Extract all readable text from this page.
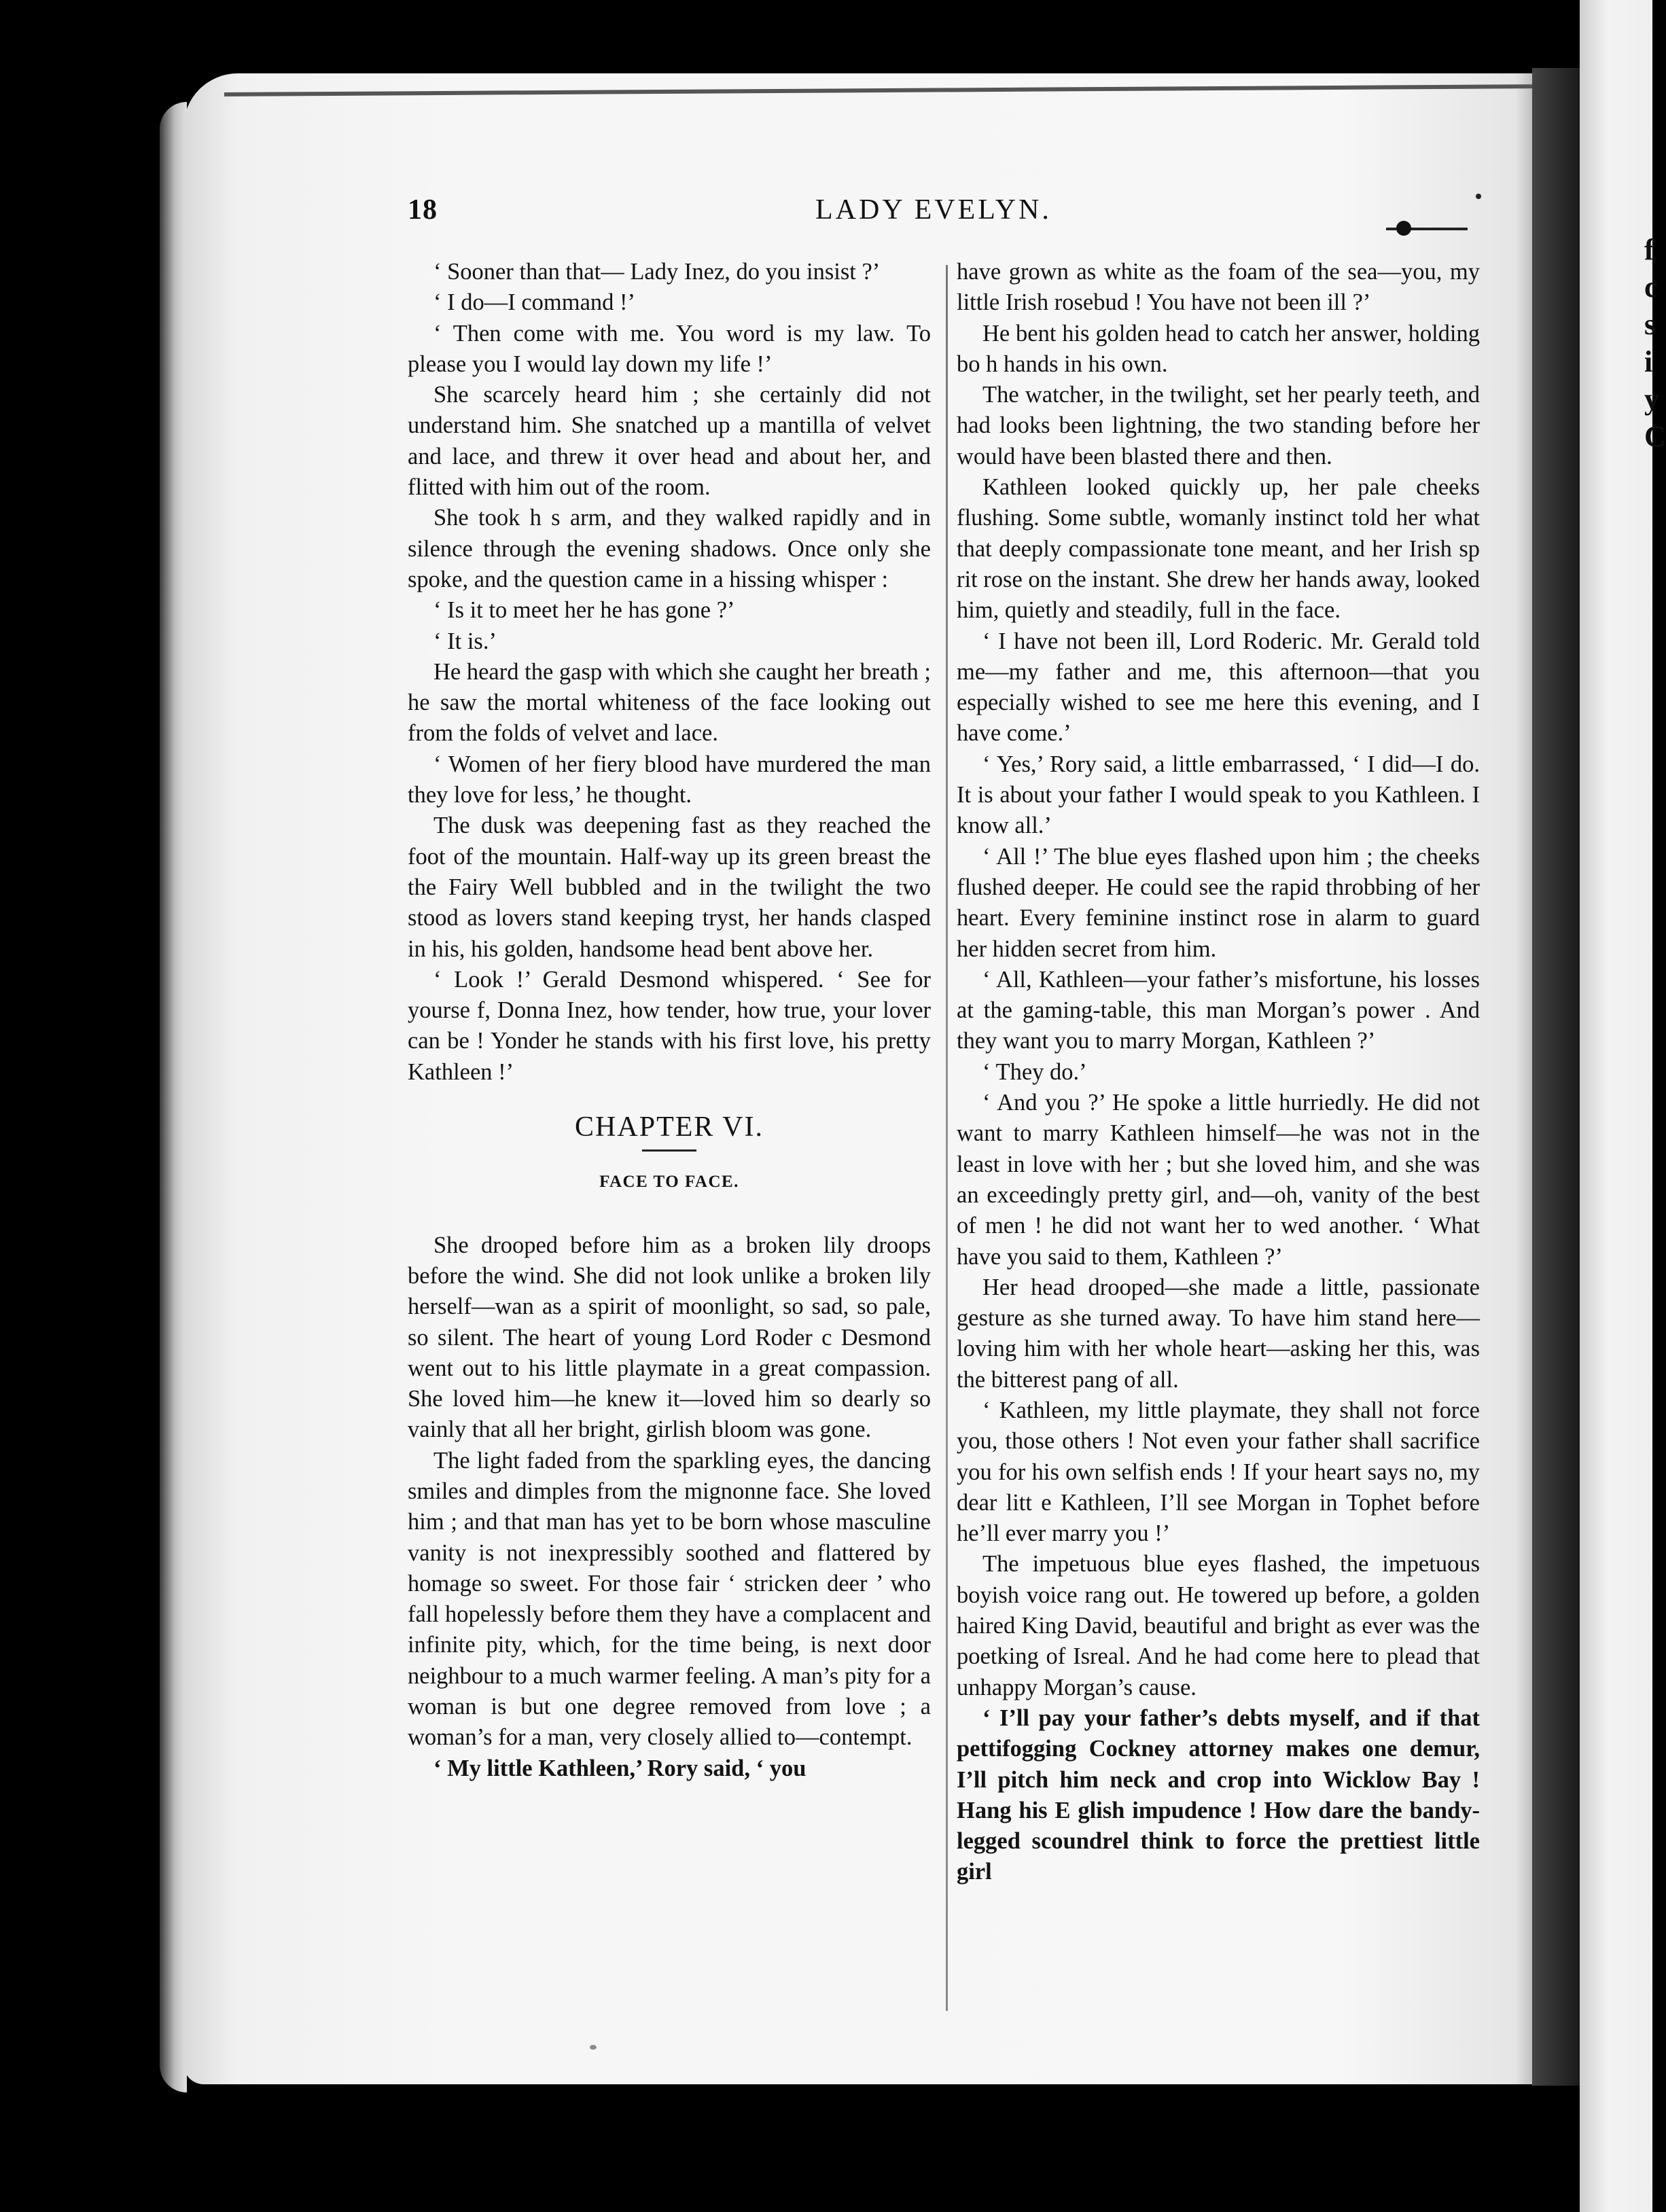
f c s i y C
18	LADY EVELYN.

‘ Sooner than that— Lady Inez, do you insist ?’

‘ I do—I command !’

‘ Then come with me. You word is my law. To please you I would lay down my life !’

She scarcely heard him ; she certainly did not understand him. She snatched up a mantilla of velvet and lace, and threw it over head and about her, and flitted with him out of the room.

She took h s arm, and they walked rapidly and in silence through the evening shadows. Once only she spoke, and the question came in a hissing whisper :

‘ Is it to meet her he has gone ?’

‘ It is.’

He heard the gasp with which she caught her breath ; he saw the mortal whiteness of the face looking out from the folds of velvet and lace.

‘ Women of her fiery blood have murdered the man they love for less,’ he thought.

The dusk was deepening fast as they reached the foot of the mountain. Half-way up its green breast the the Fairy Well bubbled and in the twilight the two stood as lovers stand keeping tryst, her hands clasped in his, his golden, handsome head bent above her.

‘ Look !’ Gerald Desmond whispered. ‘ See for yourse f, Donna Inez, how tender, how true, your lover can be ! Yonder he stands with his first love, his pretty Kathleen !’

CHAPTER VI.

FACE TO FACE.

She drooped before him as a broken lily droops before the wind. She did not look unlike a broken lily herself—wan as a spirit of moonlight, so sad, so pale, so silent. The heart of young Lord Roder c Desmond went out to his little playmate in a great compassion. She loved him—he knew it—loved him so dearly so vainly that all her bright, girlish bloom was gone.

The light faded from the sparkling eyes, the dancing smiles and dimples from the mignonne face. She loved him ; and that man has yet to be born whose masculine vanity is not inexpressibly soothed and flattered by homage so sweet. For those fair ‘ stricken deer ’ who fall hopelessly before them they have a complacent and infinite pity, which, for the time being, is next door neighbour to a much warmer feeling. A man’s pity for a woman is but one degree removed from love ; a woman’s for a man, very closely allied to—contempt.

‘ My little Kathleen,’ Rory said, ‘ you

have grown as white as the foam of the sea—you, my little Irish rosebud ! You have not been ill ?’

He bent his golden head to catch her answer, holding bo h hands in his own.

The watcher, in the twilight, set her pearly teeth, and had looks been lightning, the two standing before her would have been blasted there and then.

Kathleen looked quickly up, her pale cheeks flushing. Some subtle, womanly instinct told her what that deeply compassionate tone meant, and her Irish sp rit rose on the instant. She drew her hands away, looked him, quietly and steadily, full in the face.

‘ I have not been ill, Lord Roderic. Mr. Gerald told me—my father and me, this afternoon—that you especially wished to see me here this evening, and I have come.’

‘ Yes,’ Rory said, a little embarrassed, ‘ I did—I do. It is about your father I would speak to you Kathleen. I know all.’

‘ All !’ The blue eyes flashed upon him ; the cheeks flushed deeper. He could see the rapid throbbing of her heart. Every feminine instinct rose in alarm to guard her hidden secret from him.

‘ All, Kathleen—your father’s misfortune, his losses at the gaming-table, this man Morgan’s power . And they want you to marry Morgan, Kathleen ?’

‘ They do.’

‘ And you ?’ He spoke a little hurriedly. He did not want to marry Kathleen himself—he was not in the least in love with her ; but she loved him, and she was an exceedingly pretty girl, and—oh, vanity of the best of men ! he did not want her to wed another. ‘ What have you said to them, Kathleen ?’

Her head drooped—she made a little, passionate gesture as she turned away. To have him stand here—loving him with her whole heart—asking her this, was the bitterest pang of all.

‘ Kathleen, my little playmate, they shall not force you, those others ! Not even your father shall sacrifice you for his own selfish ends ! If your heart says no, my dear litt e Kathleen, I’ll see Morgan in Tophet before he’ll ever marry you !’

The impetuous blue eyes flashed, the impetuous boyish voice rang out. He towered up before, a golden haired King David, beautiful and bright as ever was the poetking of Isreal. And he had come here to plead that unhappy Morgan’s cause.

‘ I’ll pay your father’s debts myself, and if that pettifogging Cockney attorney makes one demur, I’ll pitch him neck and crop into Wicklow Bay ! Hang his E glish impudence ! How dare the bandy-legged scoundrel think to force the prettiest little girl
